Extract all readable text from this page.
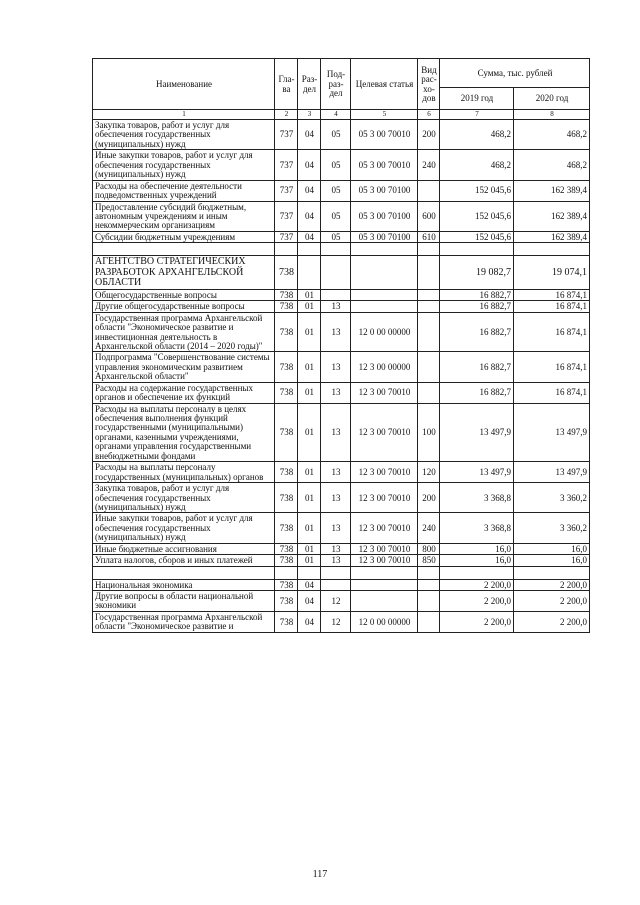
Наименование	Гла-ва	Раз-дел	Под-раз-дел	Целевая статья	Вид рас-хо-дов	Сумма, тыс. рублей	
						2019 год	2020 год
1	2	3	4	5	6	7	8
Закупка товаров, работ и услуг для обеспечения государственных (муниципальных) нужд	737	04	05	05 3 00 70010	200	468,2	468,2
Иные закупки товаров, работ и услуг для обеспечения государственных (муниципальных) нужд	737	04	05	05 3 00 70010	240	468,2	468,2
Расходы на обеспечение деятельности подведомственных учреждений	737	04	05	05 3 00 70100		152 045,6	162 389,4
Предоставление субсидий бюджетным, автономным учреждениям и иным некоммерческим организациям	737	04	05	05 3 00 70100	600	152 045,6	162 389,4
Субсидии бюджетным учреждениям	737	04	05	05 3 00 70100	610	152 045,6	162 389,4

АГЕНТСТВО СТРАТЕГИЧЕСКИХ РАЗРАБОТОК АРХАНГЕЛЬСКОЙ ОБЛАСТИ	738					19 082,7	19 074,1
Общегосударственные вопросы	738	01				16 882,7	16 874,1
Другие общегосударственные вопросы	738	01	13			16 882,7	16 874,1
Государственная программа Архангельской области "Экономическое развитие и инвестиционная деятельность в Архангельской области (2014 – 2020 годы)"	738	01	13	12 0 00 00000		16 882,7	16 874,1
Подпрограмма "Совершенствование системы управления экономическим развитием Архангельской области"	738	01	13	12 3 00 00000		16 882,7	16 874,1
Расходы на содержание государственных органов и обеспечение их функций	738	01	13	12 3 00 70010		16 882,7	16 874,1
Расходы на выплаты персоналу в целях обеспечения выполнения функций государственными (муниципальными) органами, казенными учреждениями, органами управления государственными внебюджетными фондами	738	01	13	12 3 00 70010	100	13 497,9	13 497,9
Расходы на выплаты персоналу государственных (муниципальных) органов	738	01	13	12 3 00 70010	120	13 497,9	13 497,9
Закупка товаров, работ и услуг для обеспечения государственных (муниципальных) нужд	738	01	13	12 3 00 70010	200	3 368,8	3 360,2
Иные закупки товаров, работ и услуг для обеспечения государственных (муниципальных) нужд	738	01	13	12 3 00 70010	240	3 368,8	3 360,2
Иные бюджетные ассигнования	738	01	13	12 3 00 70010	800	16,0	16,0
Уплата налогов, сборов и иных платежей	738	01	13	12 3 00 70010	850	16,0	16,0

Национальная экономика	738	04				2 200,0	2 200,0
Другие вопросы в области национальной экономики	738	04	12			2 200,0	2 200,0
Государственная программа Архангельской области "Экономическое развитие и	738	04	12	12 0 00 00000		2 200,0	2 200,0
117
